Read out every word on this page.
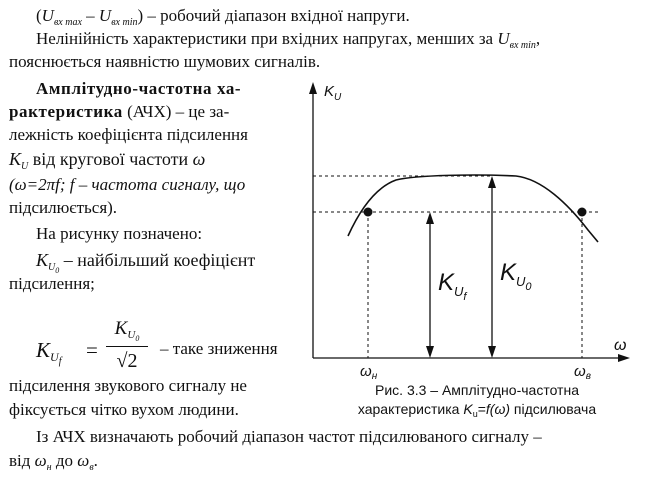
$(U_{вх max} - U_{вх min})$ – робочий діапазон вхідної напруги.
Нелінійність характеристики при вхідних напругах, менших за $U_{вх min}$,
пояснюється наявністю шумових сигналів.
Амплітудно-частотна ха-
рактеристика (АЧХ) – це за-
лежність коефіцієнта підсилення
$K_U$ від кругової частоти ω
(ω=2πf; f – частота сигналу, що
підсилюється).
На рисунку позначено:
$K_{U_0}$ – найбільший коефіцієнт
підсилення;
$K_{U_f}$ =
$K_{U_0}$
√2
– таке зниження
підсилення звукового сигналу не
фіксується чітко вухом людини.
Із АЧХ визначають робочий діапазон частот підсилюваного сигналу –
від $\omega_н$ до $\omega_в$.
$K_U$
ω
$K_Uf$
$K_U0$
$\omega_н$	$\omega_в$
Рис. 3.3 – Амплітудно-частотна
характеристика $K_u=f(\omega)$ підсилювача
